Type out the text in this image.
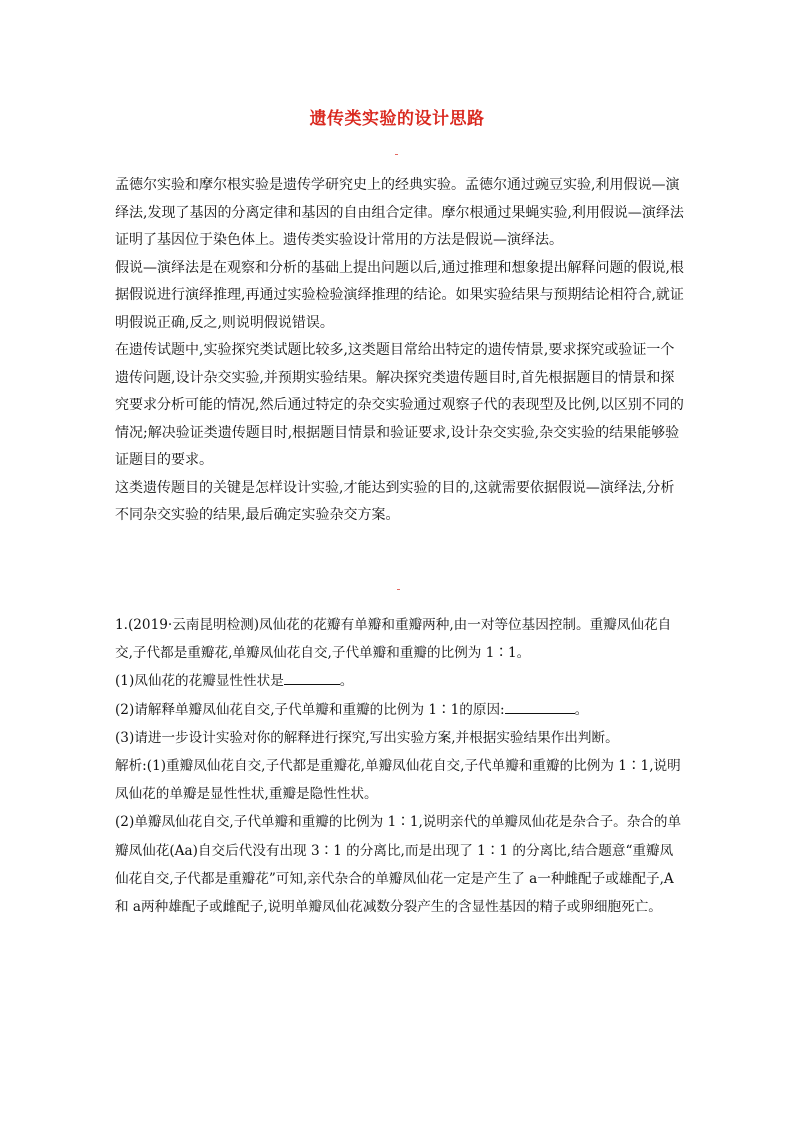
遗传类实验的设计思路

孟德尔实验和摩尔根实验是遗传学研究史上的经典实验。孟德尔通过豌豆实验,利用假说—演绎法,发现了基因的分离定律和基因的自由组合定律。摩尔根通过果蝇实验,利用假说—演绎法证明了基因位于染色体上。遗传类实验设计常用的方法是假说—演绎法。

假说—演绎法是在观察和分析的基础上提出问题以后,通过推理和想象提出解释问题的假说,根据假说进行演绎推理,再通过实验检验演绎推理的结论。如果实验结果与预期结论相符合,就证明假说正确,反之,则说明假说错误。

在遗传试题中,实验探究类试题比较多,这类题目常给出特定的遗传情景,要求探究或验证一个遗传问题,设计杂交实验,并预期实验结果。解决探究类遗传题目时,首先根据题目的情景和探究要求分析可能的情况,然后通过特定的杂交实验通过观察子代的表现型及比例,以区别不同的情况;解决验证类遗传题目时,根据题目情景和验证要求,设计杂交实验,杂交实验的结果能够验证题目的要求。

这类遗传题目的关键是怎样设计实验,才能达到实验的目的,这就需要依据假说—演绎法,分析不同杂交实验的结果,最后确定实验杂交方案。

1.(2019·云南昆明检测)凤仙花的花瓣有单瓣和重瓣两种,由一对等位基因控制。重瓣凤仙花自交,子代都是重瓣花,单瓣凤仙花自交,子代单瓣和重瓣的比例为 1∶1。

(1)凤仙花的花瓣显性性状是	。

(2)请解释单瓣凤仙花自交,子代单瓣和重瓣的比例为 1∶1的原因:	。

(3)请进一步设计实验对你的解释进行探究,写出实验方案,并根据实验结果作出判断。

解析:(1)重瓣凤仙花自交,子代都是重瓣花,单瓣凤仙花自交,子代单瓣和重瓣的比例为 1∶1,说明凤仙花的单瓣是显性性状,重瓣是隐性性状。

(2)单瓣凤仙花自交,子代单瓣和重瓣的比例为 1∶1,说明亲代的单瓣凤仙花是杂合子。杂合的单瓣凤仙花(Aa)自交后代没有出现 3∶1 的分离比,而是出现了 1∶1 的分离比,结合题意“重瓣凤仙花自交,子代都是重瓣花”可知,亲代杂合的单瓣凤仙花一定是产生了 a一种雌配子或雄配子,A和 a两种雄配子或雌配子,说明单瓣凤仙花减数分裂产生的含显性基因的精子或卵细胞死亡。
